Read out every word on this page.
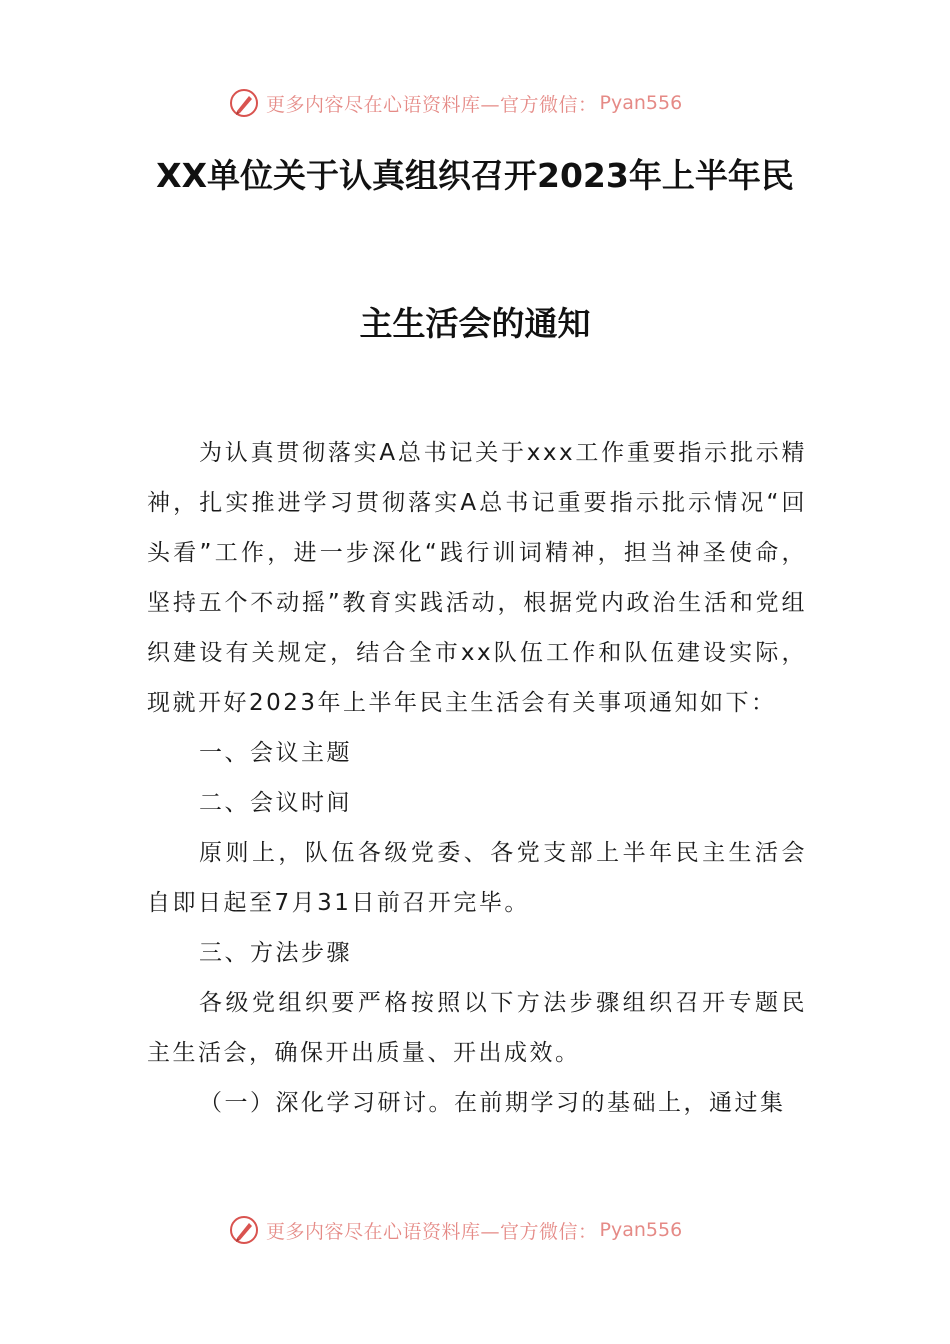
更多内容尽在心语资料库—官方微信： Pyan556
XX单位关于认真组织召开2023年上半年民
主生活会的通知

为认真贯彻落实A总书记关于xxx工作重要指示批示精神，扎实推进学习贯彻落实A总书记重要指示批示情况“回头看”工作，进一步深化“践行训词精神，担当神圣使命，坚持五个不动摇”教育实践活动，根据党内政治生活和党组织建设有关规定，结合全市xx队伍工作和队伍建设实际，现就开好2023年上半年民主生活会有关事项通知如下：

一、会议主题

二、会议时间

原则上，队伍各级党委、各党支部上半年民主生活会自即日起至7月31日前召开完毕。

三、方法步骤

各级党组织要严格按照以下方法步骤组织召开专题民主生活会，确保开出质量、开出成效。

（一）深化学习研讨。在前期学习的基础上，通过集

更多内容尽在心语资料库—官方微信： Pyan556
